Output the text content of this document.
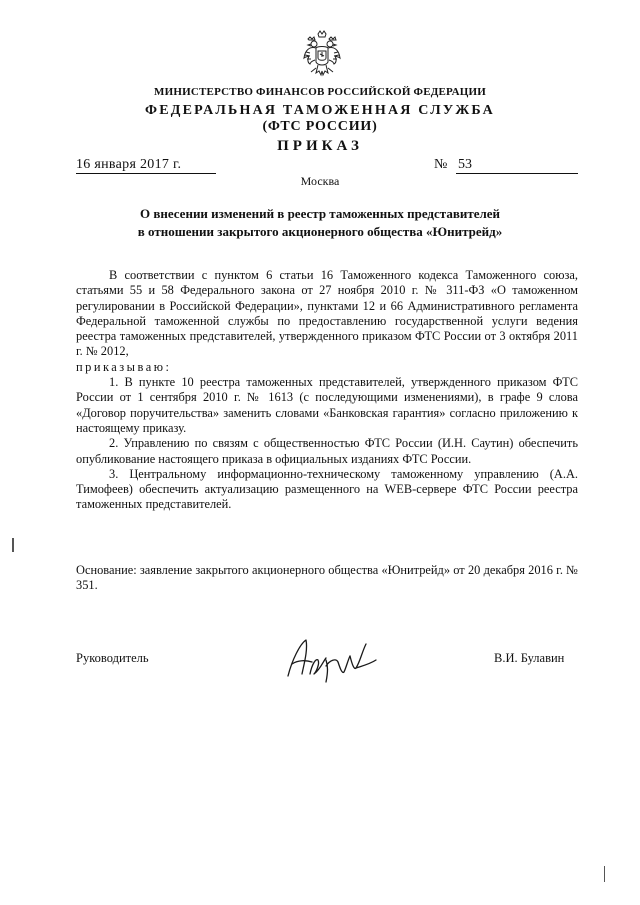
МИНИСТЕРСТВО ФИНАНСОВ РОССИЙСКОЙ ФЕДЕРАЦИИ
ФЕДЕРАЛЬНАЯ ТАМОЖЕННАЯ СЛУЖБА
(ФТС РОССИИ)
ПРИКАЗ
16 января 2017 г.	№ 53
Москва
О внесении изменений в реестр таможенных представителей
в отношении закрытого акционерного общества «Юнитрейд»

В соответствии с пунктом 6 статьи 16 Таможенного кодекса Таможенного союза, статьями 55 и 58 Федерального закона от 27 ноября 2010 г. № 311-ФЗ «О таможенном регулировании в Российской Федерации», пунктами 12 и 66 Административного регламента Федеральной таможенной службы по предоставлению государственной услуги ведения реестра таможенных представителей, утвержденного приказом ФТС России от 3 октября 2011 г. № 2012,

приказываю:

1. В пункте 10 реестра таможенных представителей, утвержденного приказом ФТС России от 1 сентября 2010 г. № 1613 (с последующими изменениями), в графе 9 слова «Договор поручительства» заменить словами «Банковская гарантия» согласно приложению к настоящему приказу.

2. Управлению по связям с общественностью ФТС России (И.Н. Саутин) обеспечить опубликование настоящего приказа в официальных изданиях ФТС России.

3. Центральному информационно-техническому таможенному управлению (А.А. Тимофеев) обеспечить актуализацию размещенного на WEB-сервере ФТС России реестра таможенных представителей.

Основание: заявление закрытого акционерного общества «Юнитрейд» от 20 декабря 2016 г. № 351.

Руководитель	В.И. Булавин
